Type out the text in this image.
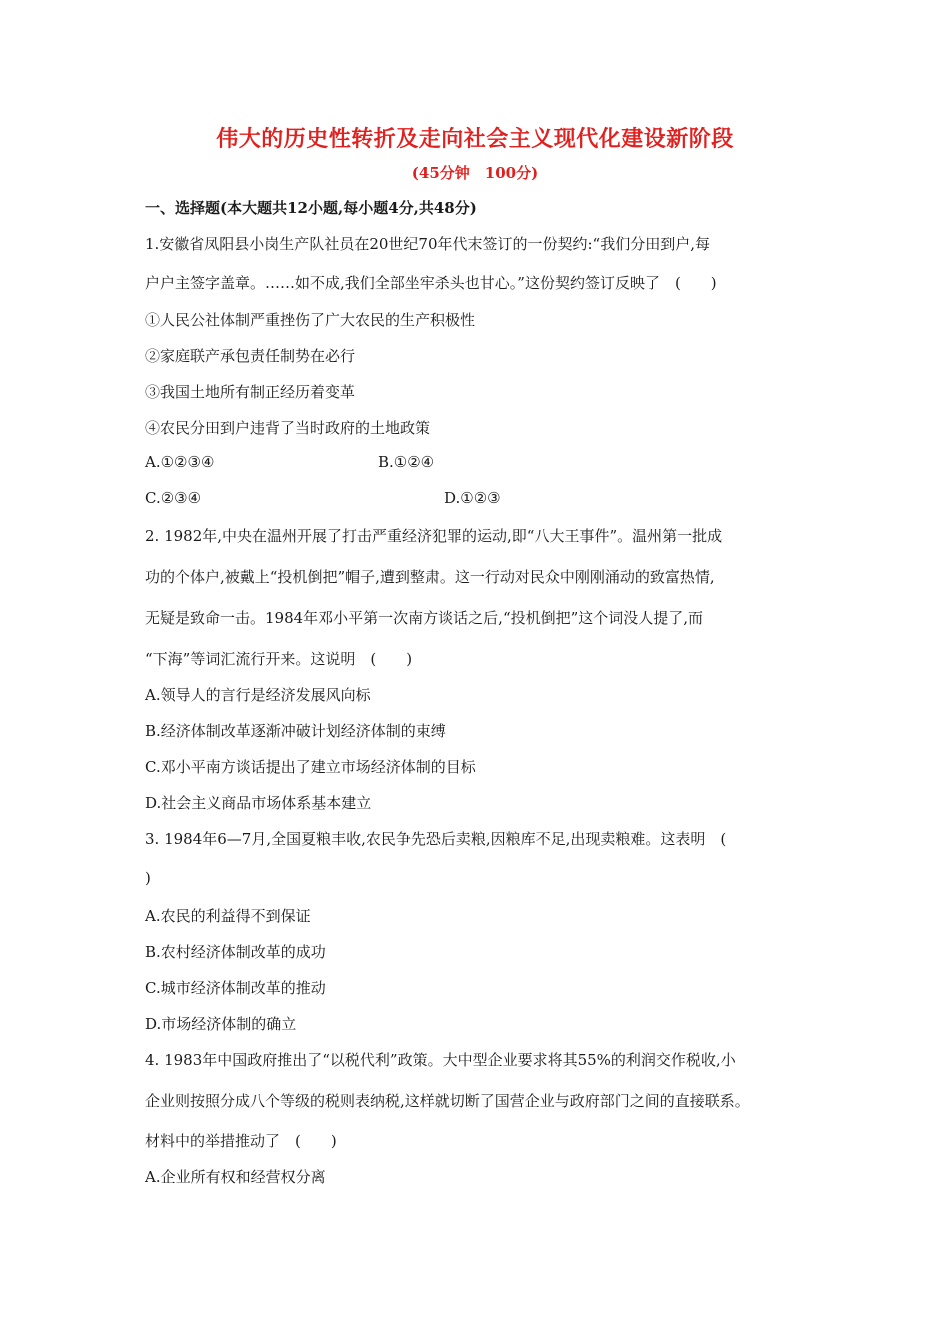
伟大的历史性转折及走向社会主义现代化建设新阶段
(45分钟　100分)
一、选择题(本大题共12小题,每小题4分,共48分)
1.安徽省凤阳县小岗生产队社员在20世纪70年代末签订的一份契约:“我们分田到户,每
户户主签字盖章。……如不成,我们全部坐牢杀头也甘心。”这份契约签订反映了　(　　)
①人民公社体制严重挫伤了广大农民的生产积极性
②家庭联产承包责任制势在必行
③我国土地所有制正经历着变革
④农民分田到户违背了当时政府的土地政策
A.①②③④	B.①②④
C.②③④	D.①②③
2. 1982年,中央在温州开展了打击严重经济犯罪的运动,即“八大王事件”。温州第一批成
功的个体户,被戴上“投机倒把”帽子,遭到整肃。这一行动对民众中刚刚涌动的致富热情,
无疑是致命一击。1984年邓小平第一次南方谈话之后,“投机倒把”这个词没人提了,而
“下海”等词汇流行开来。这说明　(　　)
A.领导人的言行是经济发展风向标
B.经济体制改革逐渐冲破计划经济体制的束缚
C.邓小平南方谈话提出了建立市场经济体制的目标
D.社会主义商品市场体系基本建立
3. 1984年6—7月,全国夏粮丰收,农民争先恐后卖粮,因粮库不足,出现卖粮难。这表明　(
)
A.农民的利益得不到保证
B.农村经济体制改革的成功
C.城市经济体制改革的推动
D.市场经济体制的确立
4. 1983年中国政府推出了“以税代利”政策。大中型企业要求将其55%的利润交作税收,小
企业则按照分成八个等级的税则表纳税,这样就切断了国营企业与政府部门之间的直接联系。
材料中的举措推动了　(　　)
A.企业所有权和经营权分离
